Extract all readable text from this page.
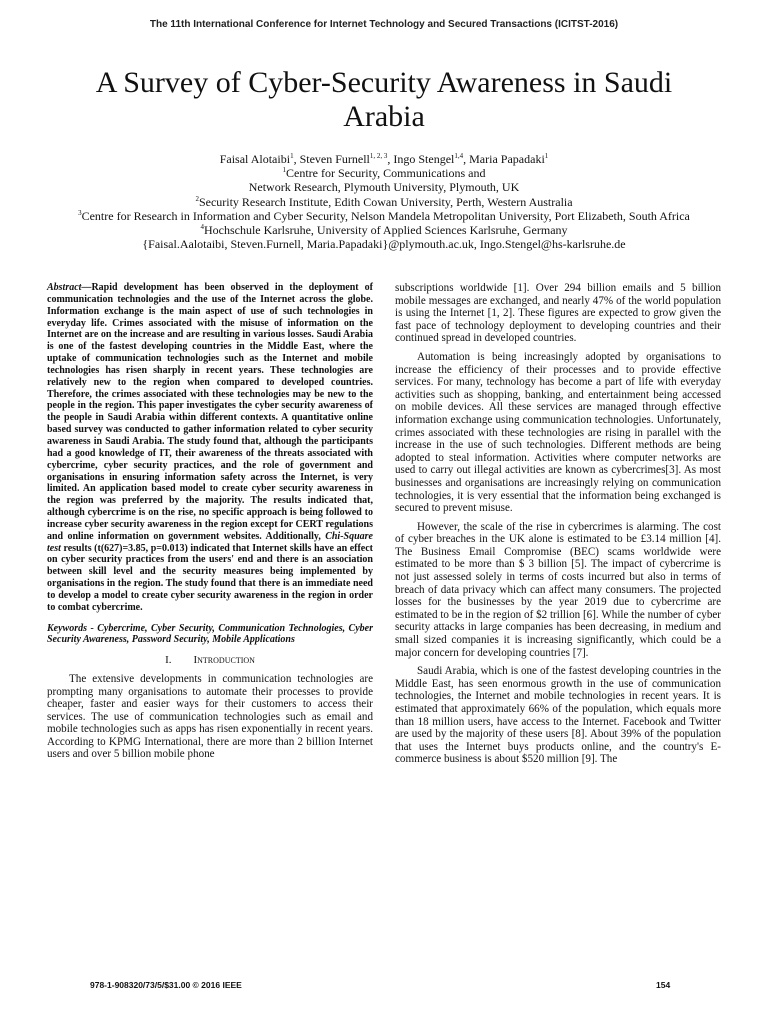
The 11th International Conference for Internet Technology and Secured Transactions (ICITST-2016)
A Survey of Cyber-Security Awareness in Saudi Arabia
Faisal Alotaibi$^1$, Steven Furnell$^{1, 2, 3}$, Ingo Stengel$^{1,4}$, Maria Papadaki$^1$
$^1$Centre for Security, Communications and
Network Research, Plymouth University, Plymouth, UK
$^2$Security Research Institute, Edith Cowan University, Perth, Western Australia
$^3$Centre for Research in Information and Cyber Security, Nelson Mandela Metropolitan University, Port Elizabeth, South Africa
$^4$Hochschule Karlsruhe, University of Applied Sciences Karlsruhe, Germany
{Faisal.Aalotaibi, Steven.Furnell, Maria.Papadaki}@plymouth.ac.uk, Ingo.Stengel@hs-karlsruhe.de
Abstract—Rapid development has been observed in the deployment of communication technologies and the use of the Internet across the globe. Information exchange is the main aspect of use of such technologies in everyday life. Crimes associated with the misuse of information on the Internet are on the increase and are resulting in various losses. Saudi Arabia is one of the fastest developing countries in the Middle East, where the uptake of communication technologies such as the Internet and mobile technologies has risen sharply in recent years. These technologies are relatively new to the region when compared to developed countries. Therefore, the crimes associated with these technologies may be new to the people in the region. This paper investigates the cyber security awareness of the people in Saudi Arabia within different contexts. A quantitative online based survey was conducted to gather information related to cyber security awareness in Saudi Arabia. The study found that, although the participants had a good knowledge of IT, their awareness of the threats associated with cybercrime, cyber security practices, and the role of government and organisations in ensuring information safety across the Internet, is very limited. An application based model to create cyber security awareness in the region was preferred by the majority. The results indicated that, although cybercrime is on the rise, no specific approach is being followed to increase cyber security awareness in the region except for CERT regulations and online information on government websites. Additionally, Chi-Square test results (t(627)=3.85, p=0.013) indicated that Internet skills have an effect on cyber security practices from the users' end and there is an association between skill level and the security measures being implemented by organisations in the region. The study found that there is an immediate need to develop a model to create cyber security awareness in the region in order to combat cybercrime.
Keywords - Cybercrime, Cyber Security, Communication Technologies, Cyber Security Awareness, Password Security, Mobile Applications
I. Introduction

The extensive developments in communication technologies are prompting many organisations to automate their processes to provide cheaper, faster and easier ways for their customers to access their services. The use of communication technologies such as email and mobile technologies such as apps has risen exponentially in recent years. According to KPMG International, there are more than 2 billion Internet users and over 5 billion mobile phone

subscriptions worldwide [1]. Over 294 billion emails and 5 billion mobile messages are exchanged, and nearly 47% of the world population is using the Internet [1, 2]. These figures are expected to grow given the fast pace of technology deployment to developing countries and their continued spread in developed countries.

Automation is being increasingly adopted by organisations to increase the efficiency of their processes and to provide effective services. For many, technology has become a part of life with everyday activities such as shopping, banking, and entertainment being accessed on mobile devices. All these services are managed through effective information exchange using communication technologies. Unfortunately, crimes associated with these technologies are rising in parallel with the increase in the use of such technologies. Different methods are being adopted to steal information. Activities where computer networks are used to carry out illegal activities are known as cybercrimes[3]. As most businesses and organisations are increasingly relying on communication technologies, it is very essential that the information being exchanged is secured to prevent misuse.

However, the scale of the rise in cybercrimes is alarming. The cost of cyber breaches in the UK alone is estimated to be £3.14 million [4]. The Business Email Compromise (BEC) scams worldwide were estimated to be more than $ 3 billion [5]. The impact of cybercrime is not just assessed solely in terms of costs incurred but also in terms of breach of data privacy which can affect many consumers. The projected losses for the businesses by the year 2019 due to cybercrime are estimated to be in the region of $2 trillion [6]. While the number of cyber security attacks in large companies has been decreasing, in medium and small sized companies it is increasing significantly, which could be a major concern for developing countries [7].

Saudi Arabia, which is one of the fastest developing countries in the Middle East, has seen enormous growth in the use of communication technologies, the Internet and mobile technologies in recent years. It is estimated that approximately 66% of the population, which equals more than 18 million users, have access to the Internet. Facebook and Twitter are used by the majority of these users [8]. About 39% of the population that uses the Internet buys products online, and the country's E-commerce business is about $520 million [9]. The

978-1-908320/73/5/$31.00 © 2016 IEEE	154
